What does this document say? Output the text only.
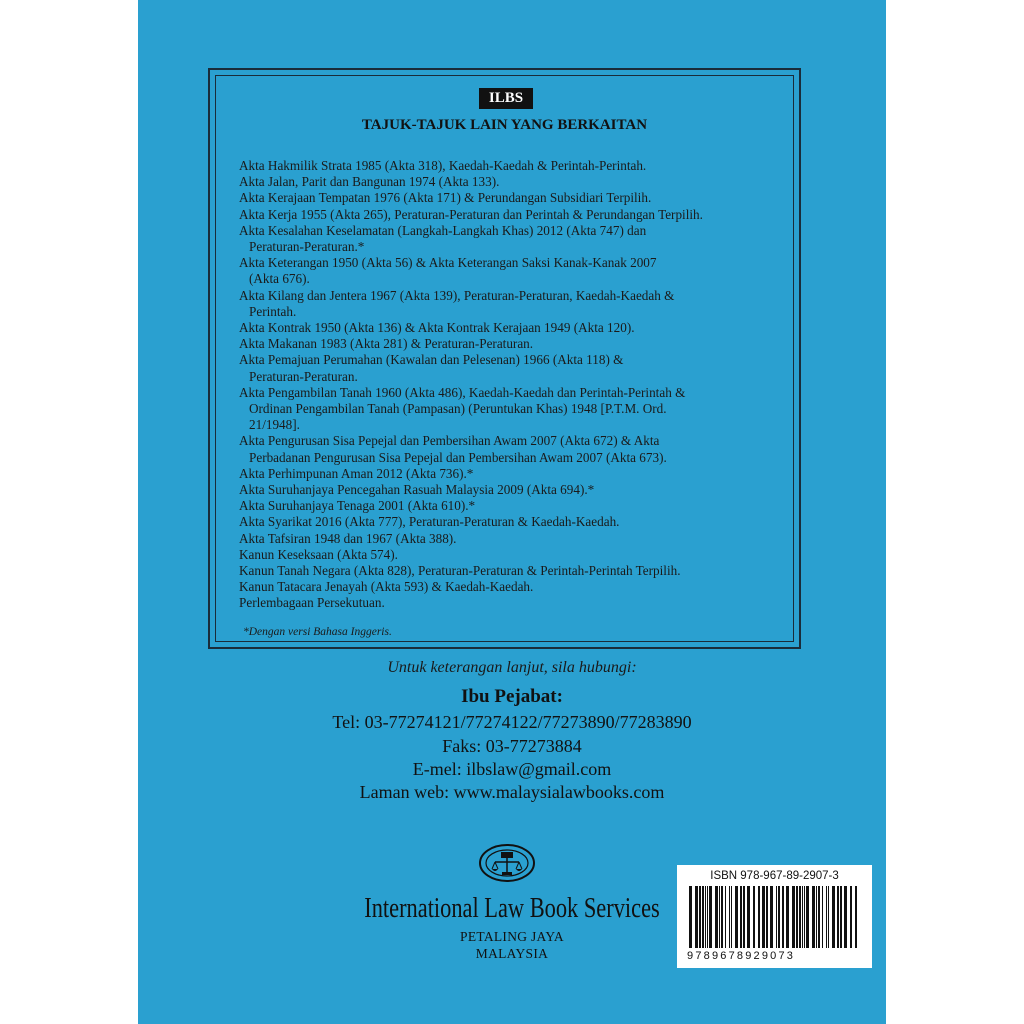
ILBS
TAJUK-TAJUK LAIN YANG BERKAITAN
Akta Hakmilik Strata 1985 (Akta 318), Kaedah-Kaedah & Perintah-Perintah.
Akta Jalan, Parit dan Bangunan 1974 (Akta 133).
Akta Kerajaan Tempatan 1976 (Akta 171) & Perundangan Subsidiari Terpilih.
Akta Kerja 1955 (Akta 265), Peraturan-Peraturan dan Perintah & Perundangan Terpilih.
Akta Kesalahan Keselamatan (Langkah-Langkah Khas) 2012 (Akta 747) dan
Peraturan-Peraturan.*
Akta Keterangan 1950 (Akta 56) & Akta Keterangan Saksi Kanak-Kanak 2007
(Akta 676).
Akta Kilang dan Jentera 1967 (Akta 139), Peraturan-Peraturan, Kaedah-Kaedah &
Perintah.
Akta Kontrak 1950 (Akta 136) & Akta Kontrak Kerajaan 1949 (Akta 120).
Akta Makanan 1983 (Akta 281) & Peraturan-Peraturan.
Akta Pemajuan Perumahan (Kawalan dan Pelesenan) 1966 (Akta 118) &
Peraturan-Peraturan.
Akta Pengambilan Tanah 1960 (Akta 486), Kaedah-Kaedah dan Perintah-Perintah &
Ordinan Pengambilan Tanah (Pampasan) (Peruntukan Khas) 1948 [P.T.M. Ord.
21/1948].
Akta Pengurusan Sisa Pepejal dan Pembersihan Awam 2007 (Akta 672) & Akta
Perbadanan Pengurusan Sisa Pepejal dan Pembersihan Awam 2007 (Akta 673).
Akta Perhimpunan Aman 2012 (Akta 736).*
Akta Suruhanjaya Pencegahan Rasuah Malaysia 2009 (Akta 694).*
Akta Suruhanjaya Tenaga 2001 (Akta 610).*
Akta Syarikat 2016 (Akta 777), Peraturan-Peraturan & Kaedah-Kaedah.
Akta Tafsiran 1948 dan 1967 (Akta 388).
Kanun Keseksaan (Akta 574).
Kanun Tanah Negara (Akta 828), Peraturan-Peraturan & Perintah-Perintah Terpilih.
Kanun Tatacara Jenayah (Akta 593) & Kaedah-Kaedah.
Perlembagaan Persekutuan.
*Dengan versi Bahasa Inggeris.
Untuk keterangan lanjut, sila hubungi:
Ibu Pejabat:
Tel: 03-77274121/77274122/77273890/77283890
Faks: 03-77273884
E-mel: ilbslaw@gmail.com
Laman web: www.malaysialawbooks.com
International Law Book Services
PETALING JAYA
MALAYSIA
ISBN 978-967-89-2907-3
9789678929073
